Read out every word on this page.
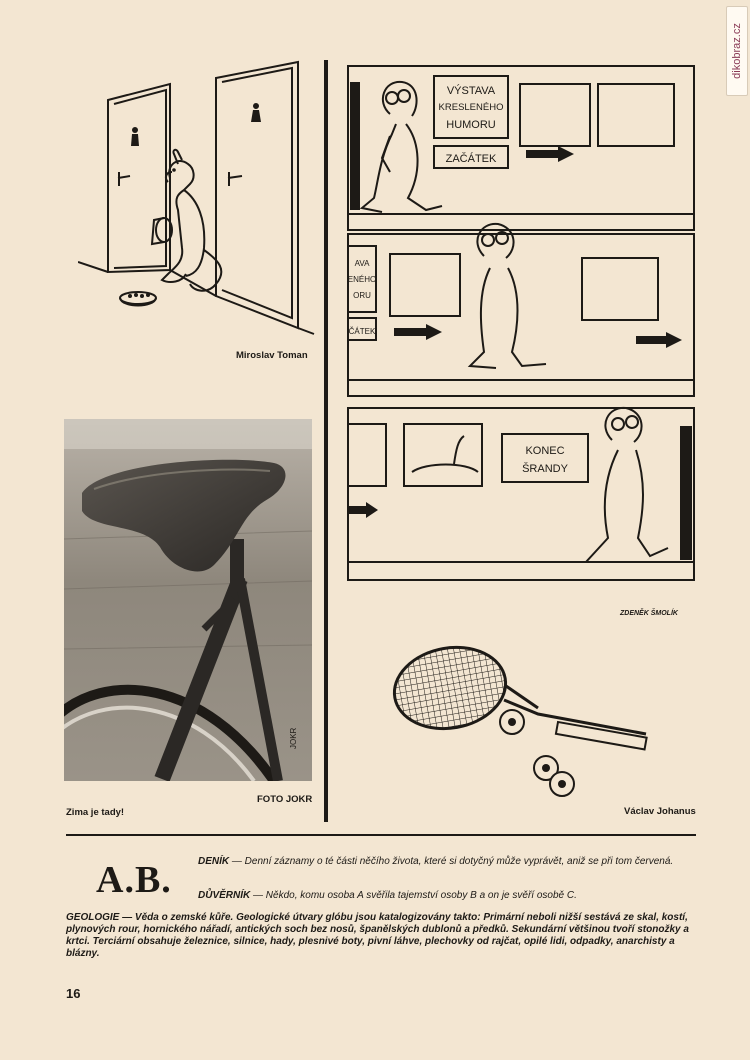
dikobraz.cz
Miroslav Toman
JOKR
Zima je tady!
FOTO JOKR
VÝSTAVA
KRESLENÉHO
HUMORU
ZAČÁTEK
AVA
ENÉHO
ORU
ČÁTEK
KONEC
ŠRANDY
ZDENĚK ŠMOLÍK
Václav Johanus
A.B.	DENÍK — Denní záznamy o té části něčího života, které si dotyčný může vyprávět, aniž se při tom červená.
DŮVĚRNÍK — Někdo, komu osoba A svěřila tajemství osoby B a on je svěří osobě C.
GEOLOGIE — Věda o zemské kůře. Geologické útvary glóbu jsou katalogizovány takto: Primární neboli nižší sestává ze skal, kostí, plynových rour, hornického nářadí, antických soch bez nosů, španělských dublonů a předků. Sekundární většinou tvoří stonožky a krtci. Terciární obsahuje železnice, silnice, hady, plesnivé boty, pivní láhve, plechovky od rajčat, opilé lidi, odpadky, anarchisty a blázny.
16
